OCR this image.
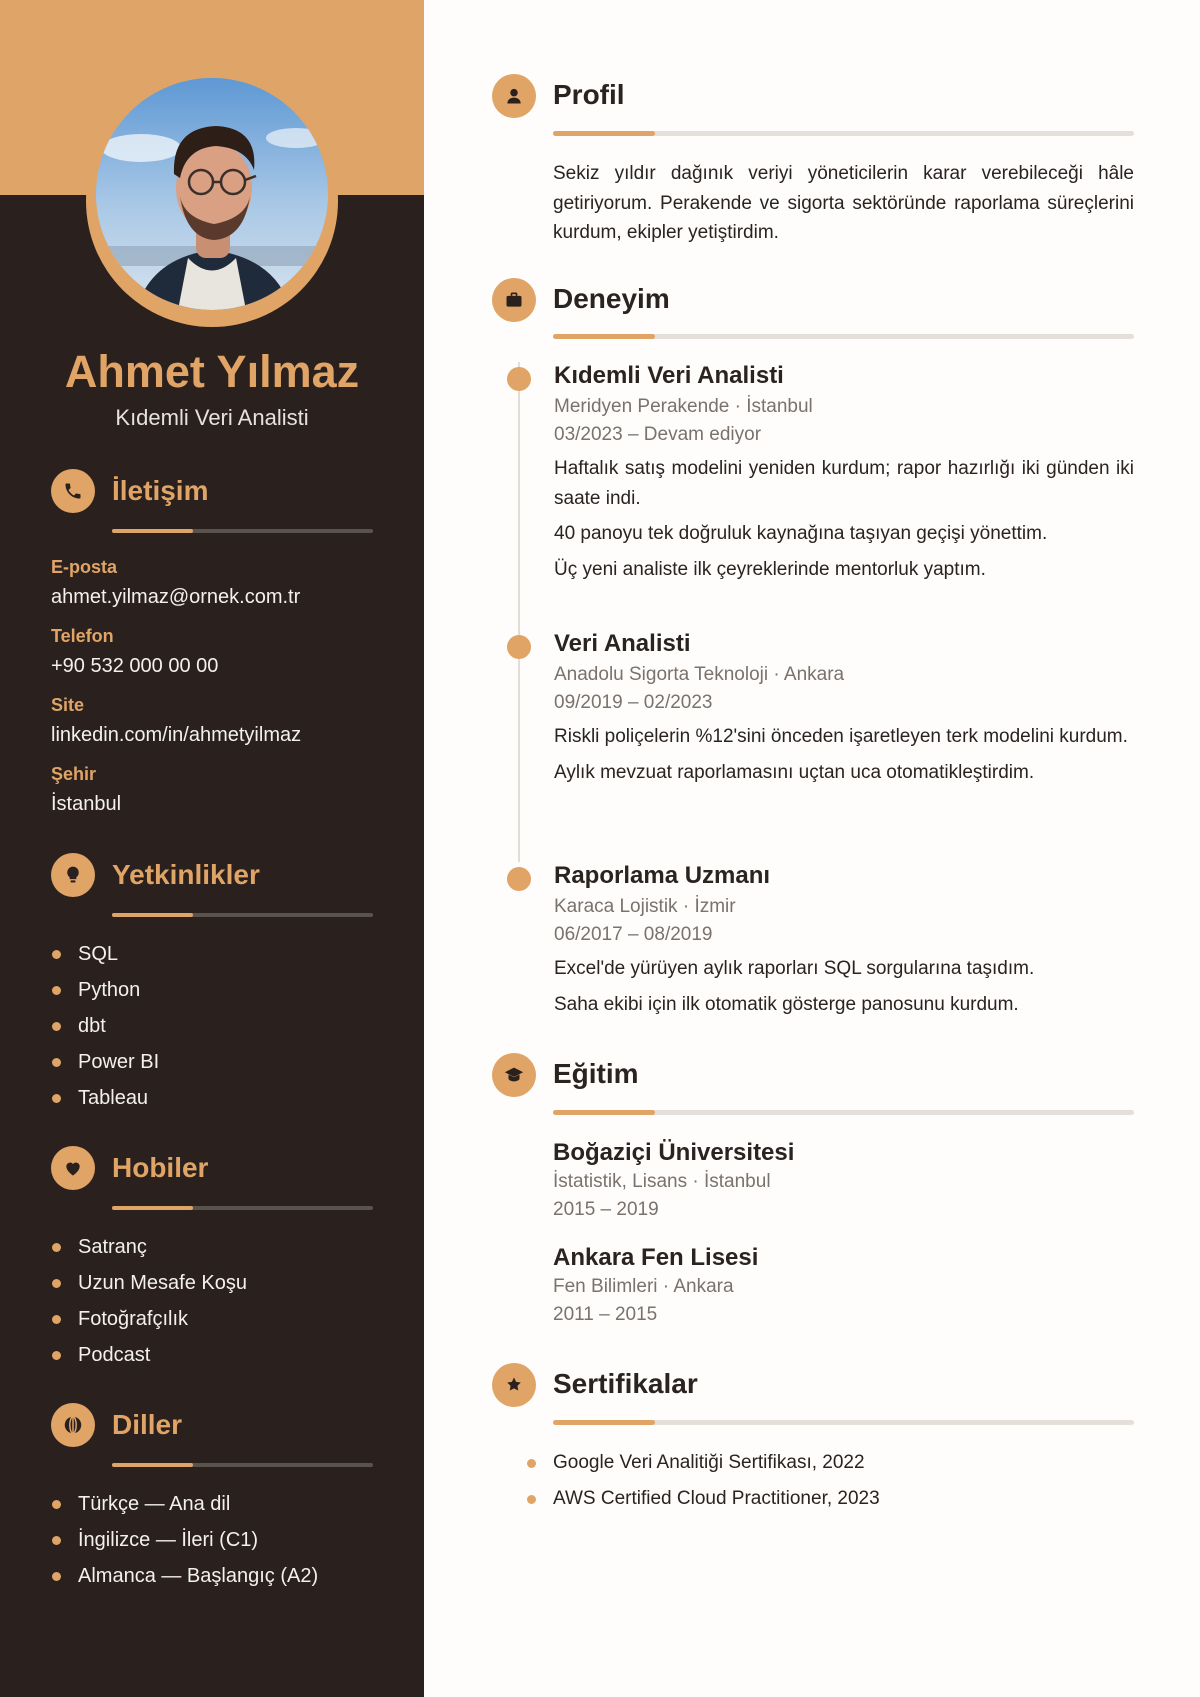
Ahmet Yılmaz
Kıdemli Veri Analisti
İletişim
E-posta
ahmet.yilmaz@ornek.com.tr
Telefon
+90 532 000 00 00
Site
linkedin.com/in/ahmetyilmaz
Şehir
İstanbul
Yetkinlikler
SQL
Python
dbt
Power BI
Tableau
Hobiler
Satranç
Uzun Mesafe Koşu
Fotoğrafçılık
Podcast
Diller
Türkçe — Ana dil
İngilizce — İleri (C1)
Almanca — Başlangıç (A2)
Profil
Sekiz yıldır dağınık veriyi yöneticilerin karar verebileceği hâle getiriyorum. Perakende ve sigorta sektöründe raporlama süreçlerini kurdum, ekipler yetiştirdim.
Deneyim
Kıdemli Veri Analisti
Meridyen Perakende · İstanbul
03/2023 – Devam ediyor

Haftalık satış modelini yeniden kurdum; rapor hazırlığı iki günden iki saate indi.

40 panoyu tek doğruluk kaynağına taşıyan geçişi yönettim.

Üç yeni analiste ilk çeyreklerinde mentorluk yaptım.

Veri Analisti
Anadolu Sigorta Teknoloji · Ankara
09/2019 – 02/2023

Riskli poliçelerin %12'sini önceden işaretleyen terk modelini kurdum.

Aylık mevzuat raporlamasını uçtan uca otomatikleştirdim.

Raporlama Uzmanı
Karaca Lojistik · İzmir
06/2017 – 08/2019

Excel'de yürüyen aylık raporları SQL sorgularına taşıdım.

Saha ekibi için ilk otomatik gösterge panosunu kurdum.

Eğitim
Boğaziçi Üniversitesi
İstatistik, Lisans · İstanbul
2015 – 2019
Ankara Fen Lisesi
Fen Bilimleri · Ankara
2011 – 2015
Sertifikalar
Google Veri Analitiği Sertifikası, 2022
AWS Certified Cloud Practitioner, 2023
